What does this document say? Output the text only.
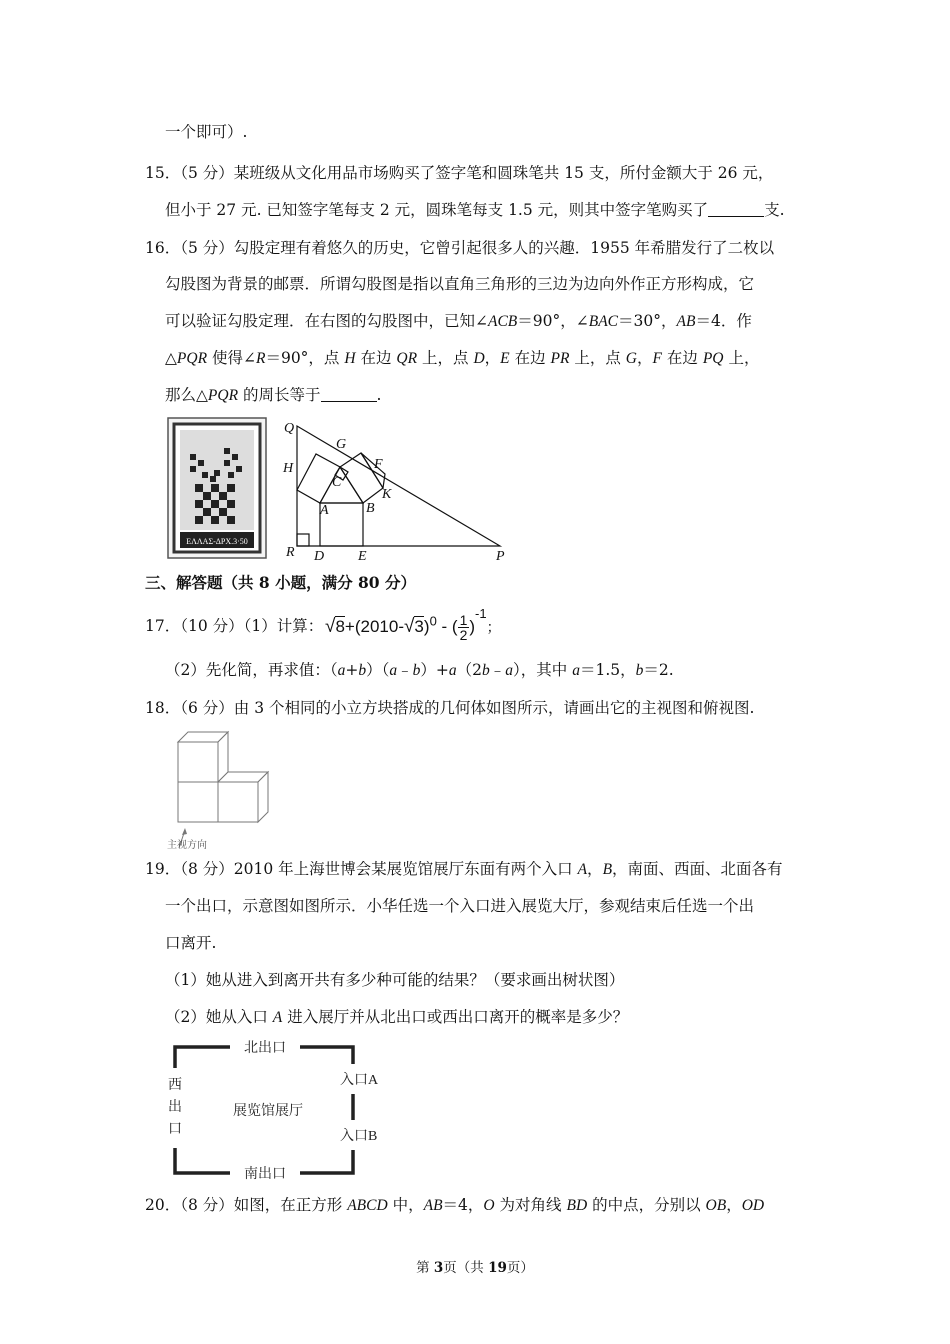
一个即可）.
15．（5 分）某班级从文化用品市场购买了签字笔和圆珠笔共 15 支，所付金额大于 26 元，
但小于 27 元. 已知签字笔每支 2 元，圆珠笔每支 1.5 元，则其中签字笔购买了	支.
16．（5 分）勾股定理有着悠久的历史，它曾引起很多人的兴趣．1955 年希腊发行了二枚以
勾股图为背景的邮票．所谓勾股图是指以直角三角形的三边为边向外作正方形构成，它
可以验证勾股定理．在右图的勾股图中，已知∠ACB＝90°，∠BAC＝30°，AB＝4．作
△PQR 使得∠R＝90°，点 H 在边 QR 上，点 D，E 在边 PR 上，点 G，F 在边 PQ 上，
那么△PQR 的周长等于	.
ΕΛΛΑΣ-ΔΡΧ.3·50
Q
G
H	F
C
K
A	B
R D E	P
三、解答题（共 8 小题，满分 80 分）
17．（10 分）（1）计算： $√8+(2010-√3)^0$ - ( $\frac{1}{2} )^{-1}$；
（2）先化简，再求值：（a+b）（a﹣b）+a（2b﹣a），其中 a＝1.5，b＝2.
18．（6 分）由 3 个相同的小立方块搭成的几何体如图所示，请画出它的主视图和俯视图.
主视方向
19．（8 分）2010 年上海世博会某展览馆展厅东面有两个入口 A，B，南面、西面、北面各有
一个出口，示意图如图所示．小华任选一个入口进入展览大厅，参观结束后任选一个出
口离开.
（1）她从进入到离开共有多少种可能的结果？（要求画出树状图）
（2）她从入口 A 进入展厅并从北出口或西出口离开的概率是多少？
北出口
南出口
西
出
口
入口A
入口B
展览馆展厅
20．（8 分）如图，在正方形 ABCD 中，AB＝4，O 为对角线 BD 的中点，分别以 OB，OD
第 3页（共 19页）
